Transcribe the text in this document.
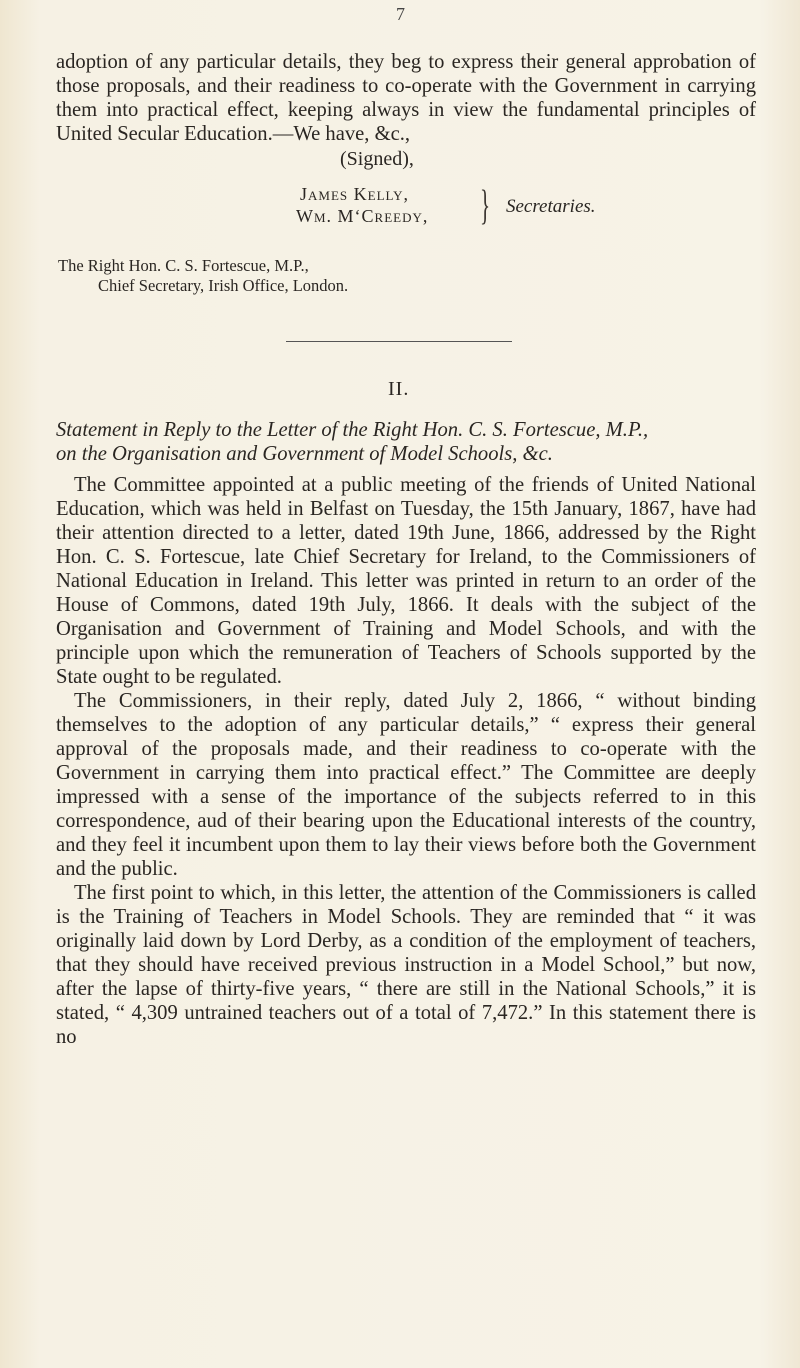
7

adoption of any particular details, they beg to express their general approbation of those proposals, and their readiness to co-operate with the Government in carrying them into practical effect, keeping always in view the fundamental principles of United Secular Education.—We have, &c.,

(Signed),
James Kelly,
Wm. M‘Creedy, } Secretaries.
The Right Hon. C. S. Fortescue, M.P.,
Chief Secretary, Irish Office, London.
II.
Statement in Reply to the Letter of the Right Hon. C. S. Fortescue, M.P.,
on the Organisation and Government of Model Schools, &c.

The Committee appointed at a public meeting of the friends of United National Education, which was held in Belfast on Tuesday, the 15th January, 1867, have had their attention directed to a letter, dated 19th June, 1866, addressed by the Right Hon. C. S. Fortescue, late Chief Secretary for Ireland, to the Commissioners of National Education in Ireland. This letter was printed in return to an order of the House of Commons, dated 19th July, 1866. It deals with the subject of the Organisation and Government of Training and Model Schools, and with the principle upon which the remuneration of Teachers of Schools supported by the State ought to be regulated.

The Commissioners, in their reply, dated July 2, 1866, “ without binding themselves to the adoption of any particular details,” “ express their general approval of the proposals made, and their readiness to co-operate with the Government in carrying them into practical effect.” The Committee are deeply impressed with a sense of the importance of the subjects referred to in this correspondence, aud of their bearing upon the Educational interests of the country, and they feel it incumbent upon them to lay their views before both the Government and the public.

The first point to which, in this letter, the attention of the Commissioners is called is the Training of Teachers in Model Schools. They are reminded that “ it was originally laid down by Lord Derby, as a condition of the employment of teachers, that they should have received previous instruction in a Model School,” but now, after the lapse of thirty-five years, “ there are still in the National Schools,” it is stated, “ 4,309 untrained teachers out of a total of 7,472.” In this statement there is no
